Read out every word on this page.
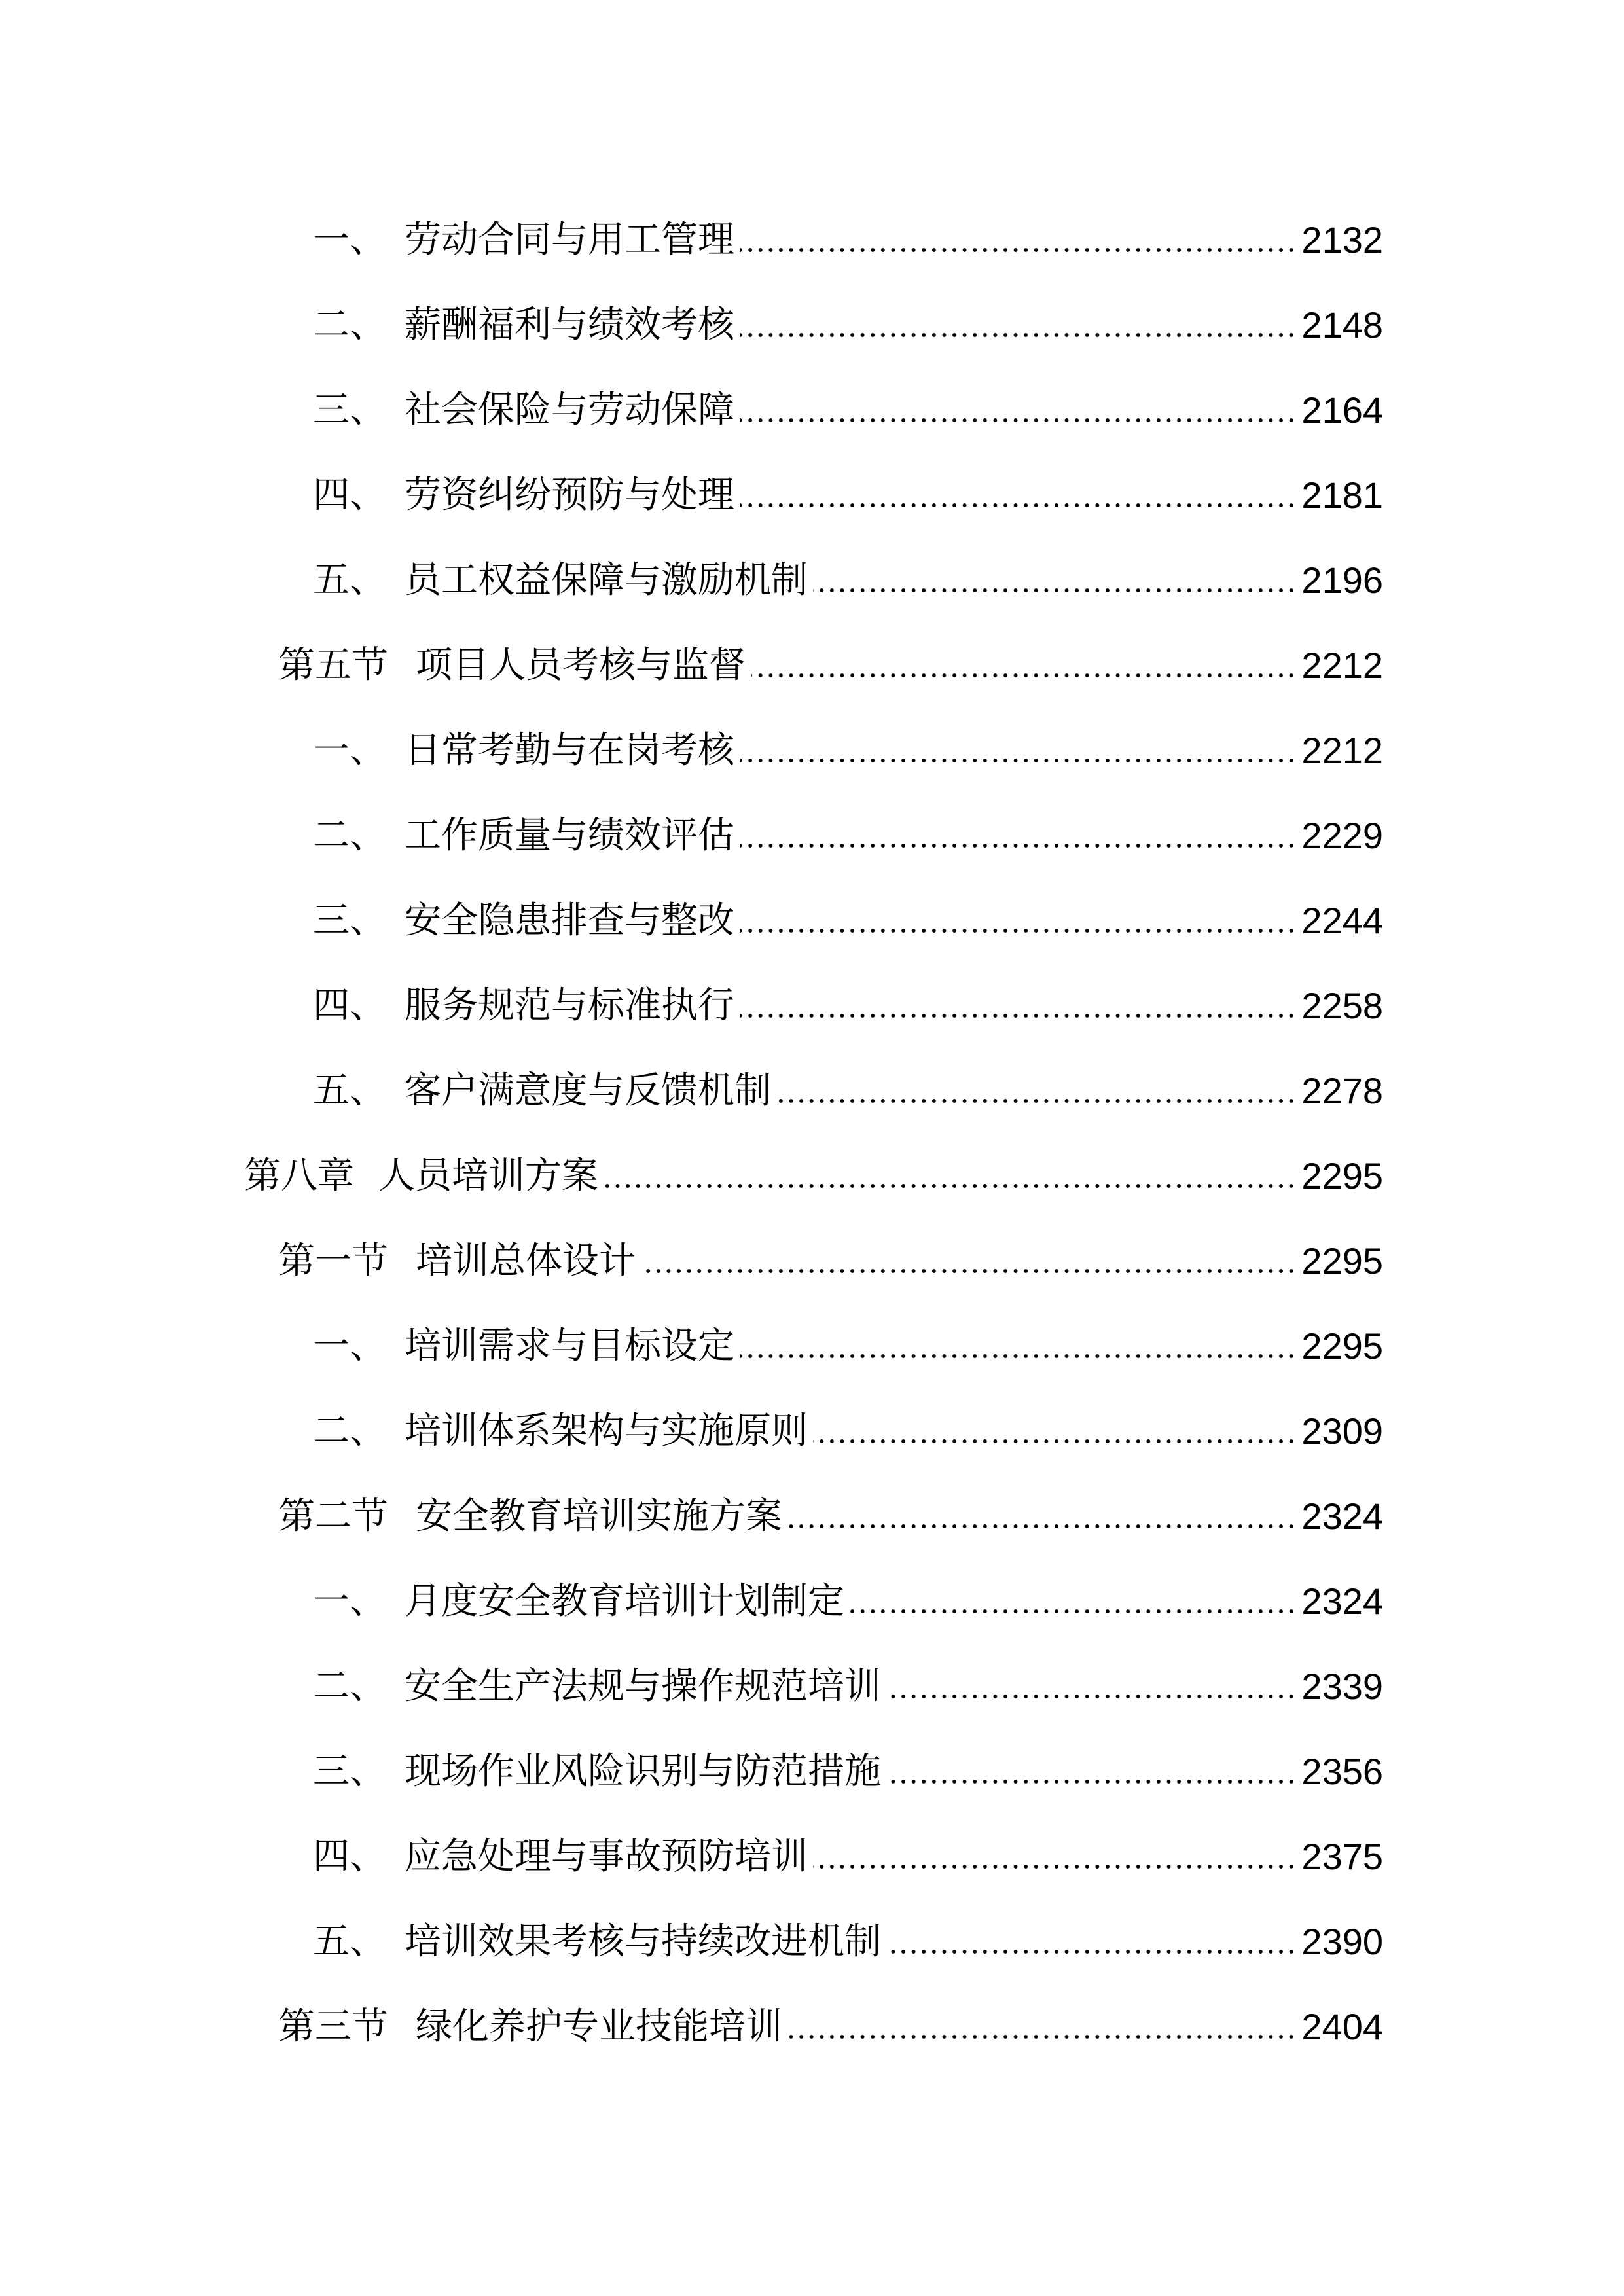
一、 劳动合同与用工管理	2132
二、 薪酬福利与绩效考核	2148
三、 社会保险与劳动保障	2164
四、 劳资纠纷预防与处理	2181
五、 员工权益保障与激励机制	2196
第五节 项目人员考核与监督	2212
一、 日常考勤与在岗考核	2212
二、 工作质量与绩效评估	2229
三、 安全隐患排查与整改	2244
四、 服务规范与标准执行	2258
五、 客户满意度与反馈机制	2278
第八章 人员培训方案	2295
第一节 培训总体设计	2295
一、 培训需求与目标设定	2295
二、 培训体系架构与实施原则	2309
第二节 安全教育培训实施方案	2324
一、 月度安全教育培训计划制定	2324
二、 安全生产法规与操作规范培训	2339
三、 现场作业风险识别与防范措施	2356
四、 应急处理与事故预防培训	2375
五、 培训效果考核与持续改进机制	2390
第三节 绿化养护专业技能培训	2404
